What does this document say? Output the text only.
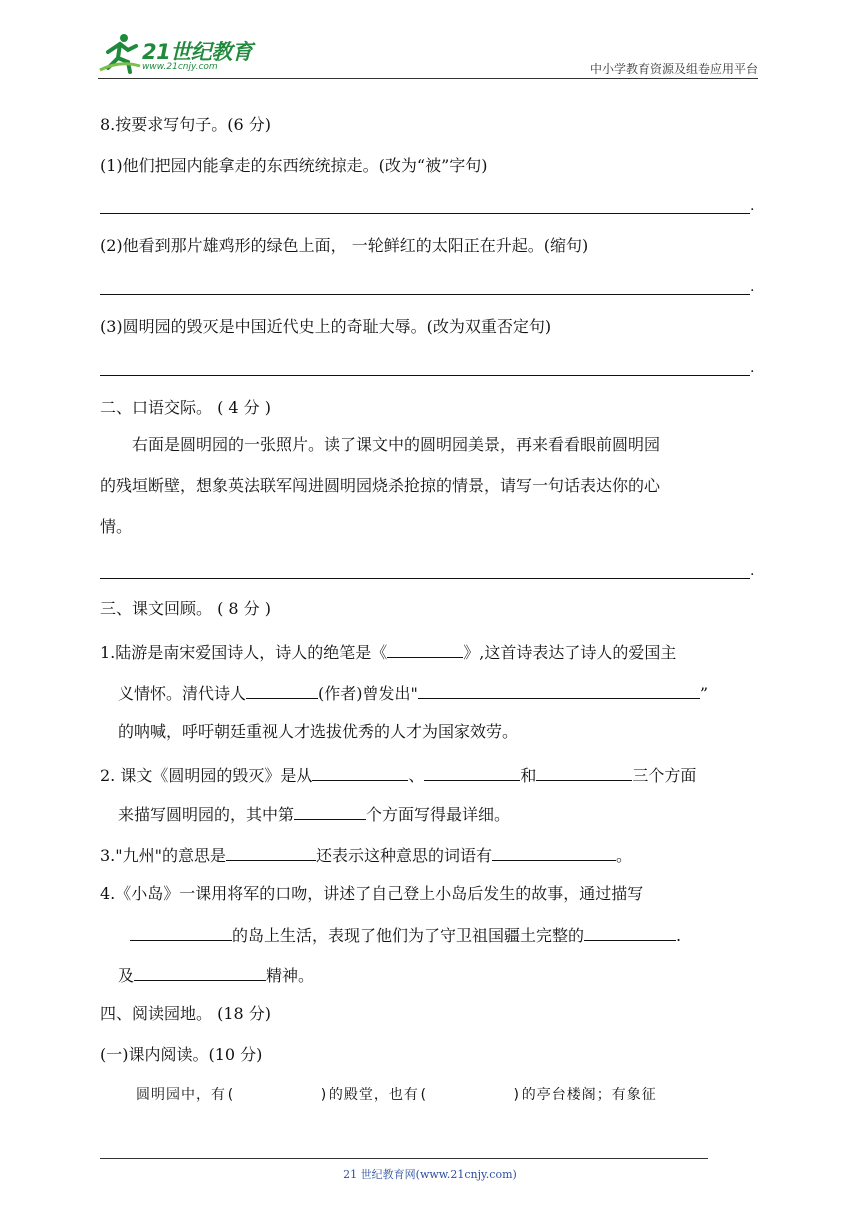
21世纪教育
www.21cnjy.com	中小学教育资源及组卷应用平台
8.按要求写句子。(6 分)
(1)他们把园内能拿走的东西统统掠走。(改为“被”字句)
.
(2)他看到那片雄鸡形的绿色上面， 一轮鲜红的太阳正在升起。(缩句)
.
(3)圆明园的毁灭是中国近代史上的奇耻大辱。(改为双重否定句)
.
二、口语交际。 ( 4 分 )
右面是圆明园的一张照片。读了课文中的圆明园美景，再来看看眼前圆明园
的残垣断壁，想象英法联军闯进圆明园烧杀抢掠的情景，请写一句话表达你的心
情。
.
三、课文回顾。 ( 8 分 )
1.陆游是南宋爱国诗人，诗人的绝笔是《	》,这首诗表达了诗人的爱国主
义情怀。清代诗人	(作者)曾发出"	”
的呐喊，呼吁朝廷重视人才选拔优秀的人才为国家效劳。
2. 课文《圆明园的毁灭》是从	、	和	三个方面
来描写圆明园的，其中第	个方面写得最详细。
3."九州"的意思是	还表示这种意思的词语有	。
4.《小岛》一课用将军的口吻，讲述了自己登上小岛后发生的故事，通过描写
的岛上生活，表现了他们为了守卫祖国疆土完整的	.
及	精神。
四、阅读园地。 (18 分)
(一)课内阅读。(10 分)
圆明园中，有(	)的殿堂，也有(	)的亭台楼阁；有象征
21 世纪教育网(www.21cnjy.com)
